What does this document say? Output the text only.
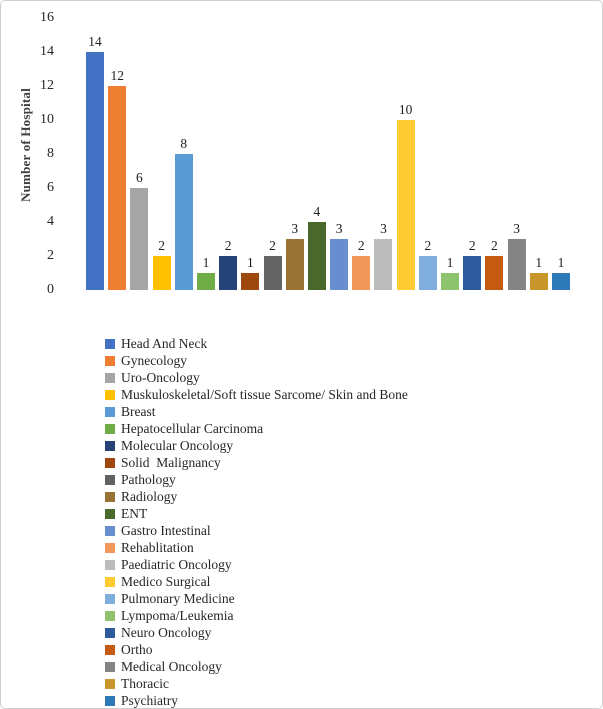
Number of Hospital
0
2
4
6
8
10
12
14
16
14
12
6
2
8
1
2
1
2
3
4
3
2
3
10
2
1
2 2
3
1 1
Head And Neck
Gynecology
Uro-Oncology
Muskuloskeletal/Soft tissue Sarcome/ Skin and Bone
Breast
Hepatocellular Carcinoma
Molecular Oncology
Solid  Malignancy
Pathology
Radiology
ENT
Gastro Intestinal
Rehablitation
Paediatric Oncology
Medico Surgical
Pulmonary Medicine
Lympoma/Leukemia
Neuro Oncology
Ortho
Medical Oncology
Thoracic
Psychiatry
